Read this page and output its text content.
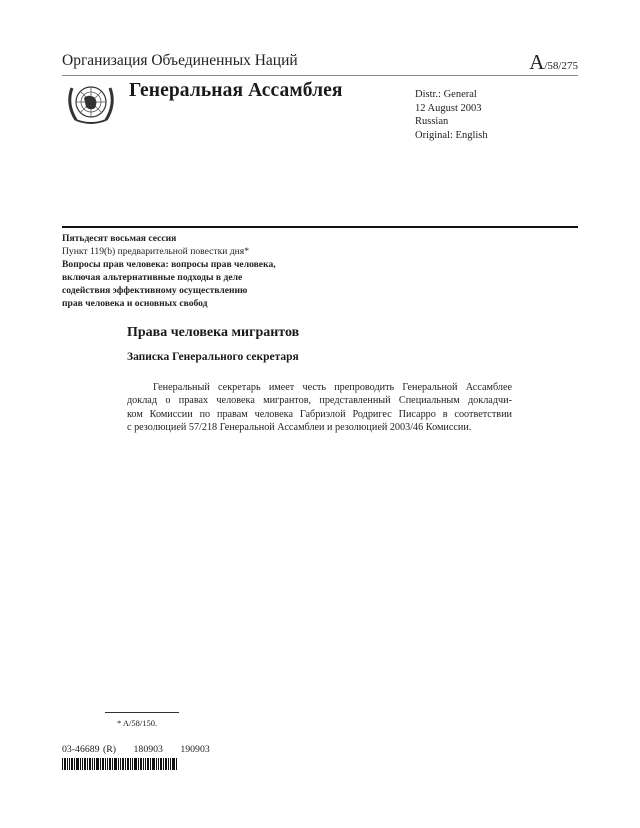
Организация Объединенных Наций	A/58/275
Генеральная Ассамблея	Distr.: General
12 August 2003
Russian
Original: English
Пятьдесят восьмая сессия
Пункт 119(b) предварительной повестки дня*
Вопросы прав человека: вопросы прав человека,
включая альтернативные подходы в деле
содействия эффективному осуществлению
прав человека и основных свобод
Права человека мигрантов
Записка Генерального секретаря
Генеральный секретарь имеет честь препроводить Генеральной Ассамблее
доклад о правах человека мигрантов, представленный Специальным докладчи-
ком Комиссии по правам человека Габриэлой Родригес Писарро в соответствии
с резолюцией 57/218 Генеральной Ассамблеи и резолюцией 2003/46 Комиссии.
* A/58/150.
03-46689 (R) 180903 190903
